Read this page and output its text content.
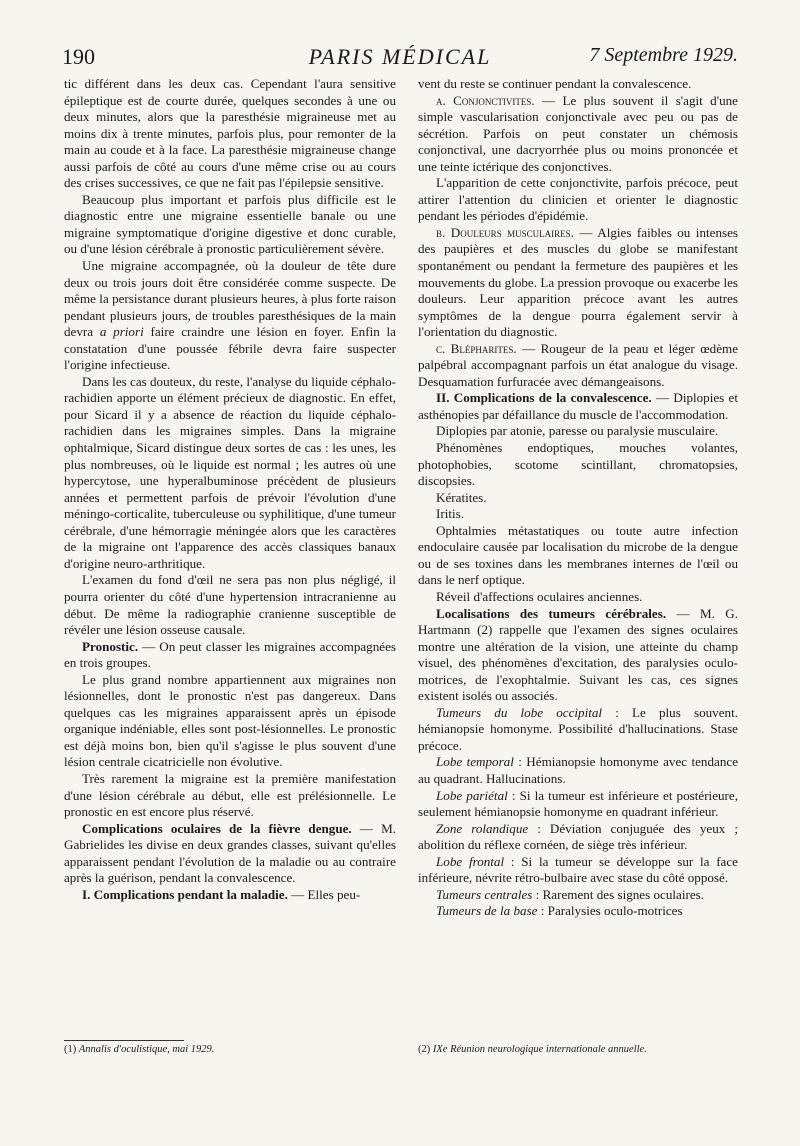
190	PARIS MÉDICAL	7 Septembre 1929.

tic différent dans les deux cas. Cependant l'aura sensitive épileptique est de courte durée, quelques secondes à une ou deux minutes, alors que la paresthésie migraineuse met au moins dix à trente minutes, parfois plus, pour remonter de la main au coude et à la face. La paresthésie migraineuse change aussi parfois de côté au cours d'une même crise ou au cours des crises successives, ce que ne fait pas l'épilepsie sensitive.

Beaucoup plus important et parfois plus difficile est le diagnostic entre une migraine essentielle banale ou une migraine symptomatique d'origine digestive et donc curable, ou d'une lésion cérébrale à pronostic particulièrement sévère.

Une migraine accompagnée, où la douleur de tête dure deux ou trois jours doit être considérée comme suspecte. De même la persistance durant plusieurs heures, à plus forte raison pendant plusieurs jours, de troubles paresthésiques de la main devra a priori faire craindre une lésion en foyer. Enfin la constatation d'une poussée fébrile devra faire suspecter l'origine infectieuse.

Dans les cas douteux, du reste, l'analyse du liquide céphalo-rachidien apporte un élément précieux de diagnostic. En effet, pour Sicard il y a absence de réaction du liquide céphalo-rachidien dans les migraines simples. Dans la migraine ophtalmique, Sicard distingue deux sortes de cas : les unes, les plus nombreuses, où le liquide est normal ; les autres où une hypercytose, une hyperalbuminose précèdent de plusieurs années et permettent parfois de prévoir l'évolution d'une méningo-corticalite, tuberculeuse ou syphilitique, d'une tumeur cérébrale, d'une hémorragie méningée alors que les caractères de la migraine ont l'apparence des accès classiques banaux d'origine neuro-arthritique.

L'examen du fond d'œil ne sera pas non plus négligé, il pourra orienter du côté d'une hypertension intracranienne au début. De même la radiographie cranienne susceptible de révéler une lésion osseuse causale.

Pronostic. — On peut classer les migraines accompagnées en trois groupes.

Le plus grand nombre appartiennent aux migraines non lésionnelles, dont le pronostic n'est pas dangereux. Dans quelques cas les migraines apparaissent après un épisode organique indéniable, elles sont post-lésionnelles. Le pronostic est déjà moins bon, bien qu'il s'agisse le plus souvent d'une lésion centrale cicatricielle non évolutive.

Très rarement la migraine est la première manifestation d'une lésion cérébrale au début, elle est prélésionnelle. Le pronostic en est encore plus réservé.

Complications oculaires de la fièvre dengue. — M. Gabrielides les divise en deux grandes classes, suivant qu'elles apparaissent pendant l'évolution de la maladie ou au contraire après la guérison, pendant la convalescence.

I. Complications pendant la maladie. — Elles peu-

(1) Annalis d'oculistique, mai 1929.

vent du reste se continuer pendant la convalescence.

a. Conjonctivites. — Le plus souvent il s'agit d'une simple vascularisation conjonctivale avec peu ou pas de sécrétion. Parfois on peut constater un chémosis conjonctival, une dacryorrhée plus ou moins prononcée et une teinte ictérique des conjonctives.

L'apparition de cette conjonctivite, parfois précoce, peut attirer l'attention du clinicien et orienter le diagnostic pendant les périodes d'épidémie.

b. Douleurs musculaires. — Algies faibles ou intenses des paupières et des muscles du globe se manifestant spontanément ou pendant la fermeture des paupières et les mouvements du globe. La pression provoque ou exacerbe les douleurs. Leur apparition précoce avant les autres symptômes de la dengue pourra également servir à l'orientation du diagnostic.

c. Blépharites. — Rougeur de la peau et léger œdème palpébral accompagnant parfois un état analogue du visage. Desquamation furfuracée avec démangeaisons.

II. Complications de la convalescence. — Diplopies et asthénopies par défaillance du muscle de l'accommodation.

Diplopies par atonie, paresse ou paralysie musculaire.

Phénomènes endoptiques, mouches volantes, photophobies, scotome scintillant, chromatopsies, discopsies.

Kératites.

Iritis.

Ophtalmies métastatiques ou toute autre infection endoculaire causée par localisation du microbe de la dengue ou de ses toxines dans les membranes internes de l'œil ou dans le nerf optique.

Réveil d'affections oculaires anciennes.

Localisations des tumeurs cérébrales. — M. G. Hartmann (2) rappelle que l'examen des signes oculaires montre une altération de la vision, une atteinte du champ visuel, des phénomènes d'excitation, des paralysies oculo-motrices, de l'exophtalmie. Suivant les cas, ces signes existent isolés ou associés.

Tumeurs du lobe occipital : Le plus souvent. hémianopsie homonyme. Possibilité d'hallucinations. Stase précoce.

Lobe temporal : Hémianopsie homonyme avec tendance au quadrant. Hallucinations.

Lobe pariétal : Si la tumeur est inférieure et postérieure, seulement hémianopsie homonyme en quadrant inférieur.

Zone rolandique : Déviation conjuguée des yeux ; abolition du réflexe cornéen, de siège très inférieur.

Lobe frontal : Si la tumeur se développe sur la face inférieure, névrite rétro-bulbaire avec stase du côté opposé.

Tumeurs centrales : Rarement des signes oculaires.

Tumeurs de la base : Paralysies oculo-motrices

(2) IXe Réunion neurologique internationale annuelle.
